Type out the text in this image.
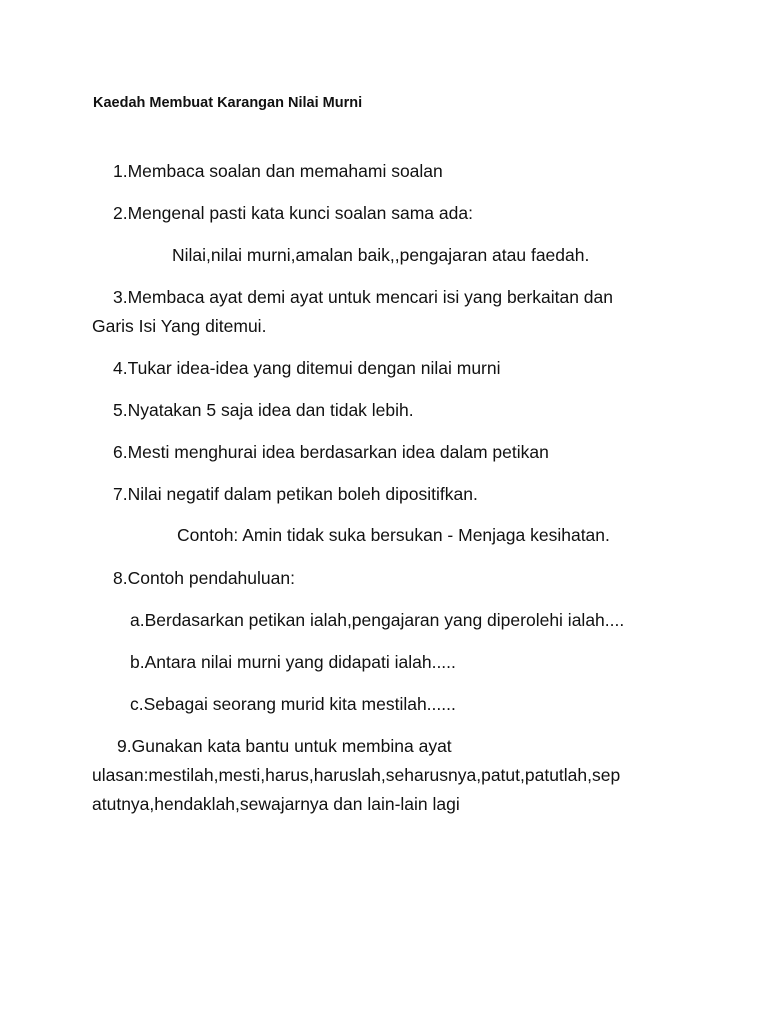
Kaedah Membuat Karangan Nilai Murni
1.Membaca soalan dan memahami soalan
2.Mengenal pasti kata kunci soalan sama ada:
Nilai,nilai murni,amalan baik,,pengajaran atau faedah.
3.Membaca ayat demi ayat untuk mencari isi yang berkaitan dan
Garis Isi Yang ditemui.
4.Tukar idea-idea yang ditemui dengan nilai murni
5.Nyatakan 5 saja idea dan tidak lebih.
6.Mesti menghurai idea berdasarkan idea dalam petikan
7.Nilai negatif dalam petikan boleh dipositifkan.
Contoh: Amin tidak suka bersukan - Menjaga kesihatan.
8.Contoh pendahuluan:
a.Berdasarkan petikan ialah,pengajaran yang diperolehi ialah....
b.Antara nilai murni yang didapati ialah.....
c.Sebagai seorang murid kita mestilah......
9.Gunakan kata bantu untuk membina ayat
ulasan:mestilah,mesti,harus,haruslah,seharusnya,patut,patutlah,sep
atutnya,hendaklah,sewajarnya dan lain-lain lagi
